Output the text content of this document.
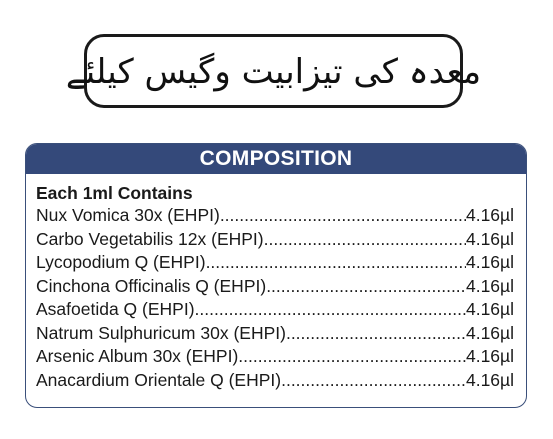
معدہ کی تیزابیت وگیس کیلئے
COMPOSITION
Each 1ml Contains
Nux Vomica 30x (EHPI) .....	4.16µl
Carbo Vegetabilis 12x (EHPI) .....	4.16µl
Lycopodium Q (EHPI) .....	4.16µl
Cinchona Officinalis Q (EHPI) .....	4.16µl
Asafoetida Q (EHPI) .....	4.16µl
Natrum Sulphuricum 30x (EHPI) .....	4.16µl
Arsenic Album 30x (EHPI) .....	4.16µl
Anacardium Orientale Q (EHPI) .....	4.16µl
